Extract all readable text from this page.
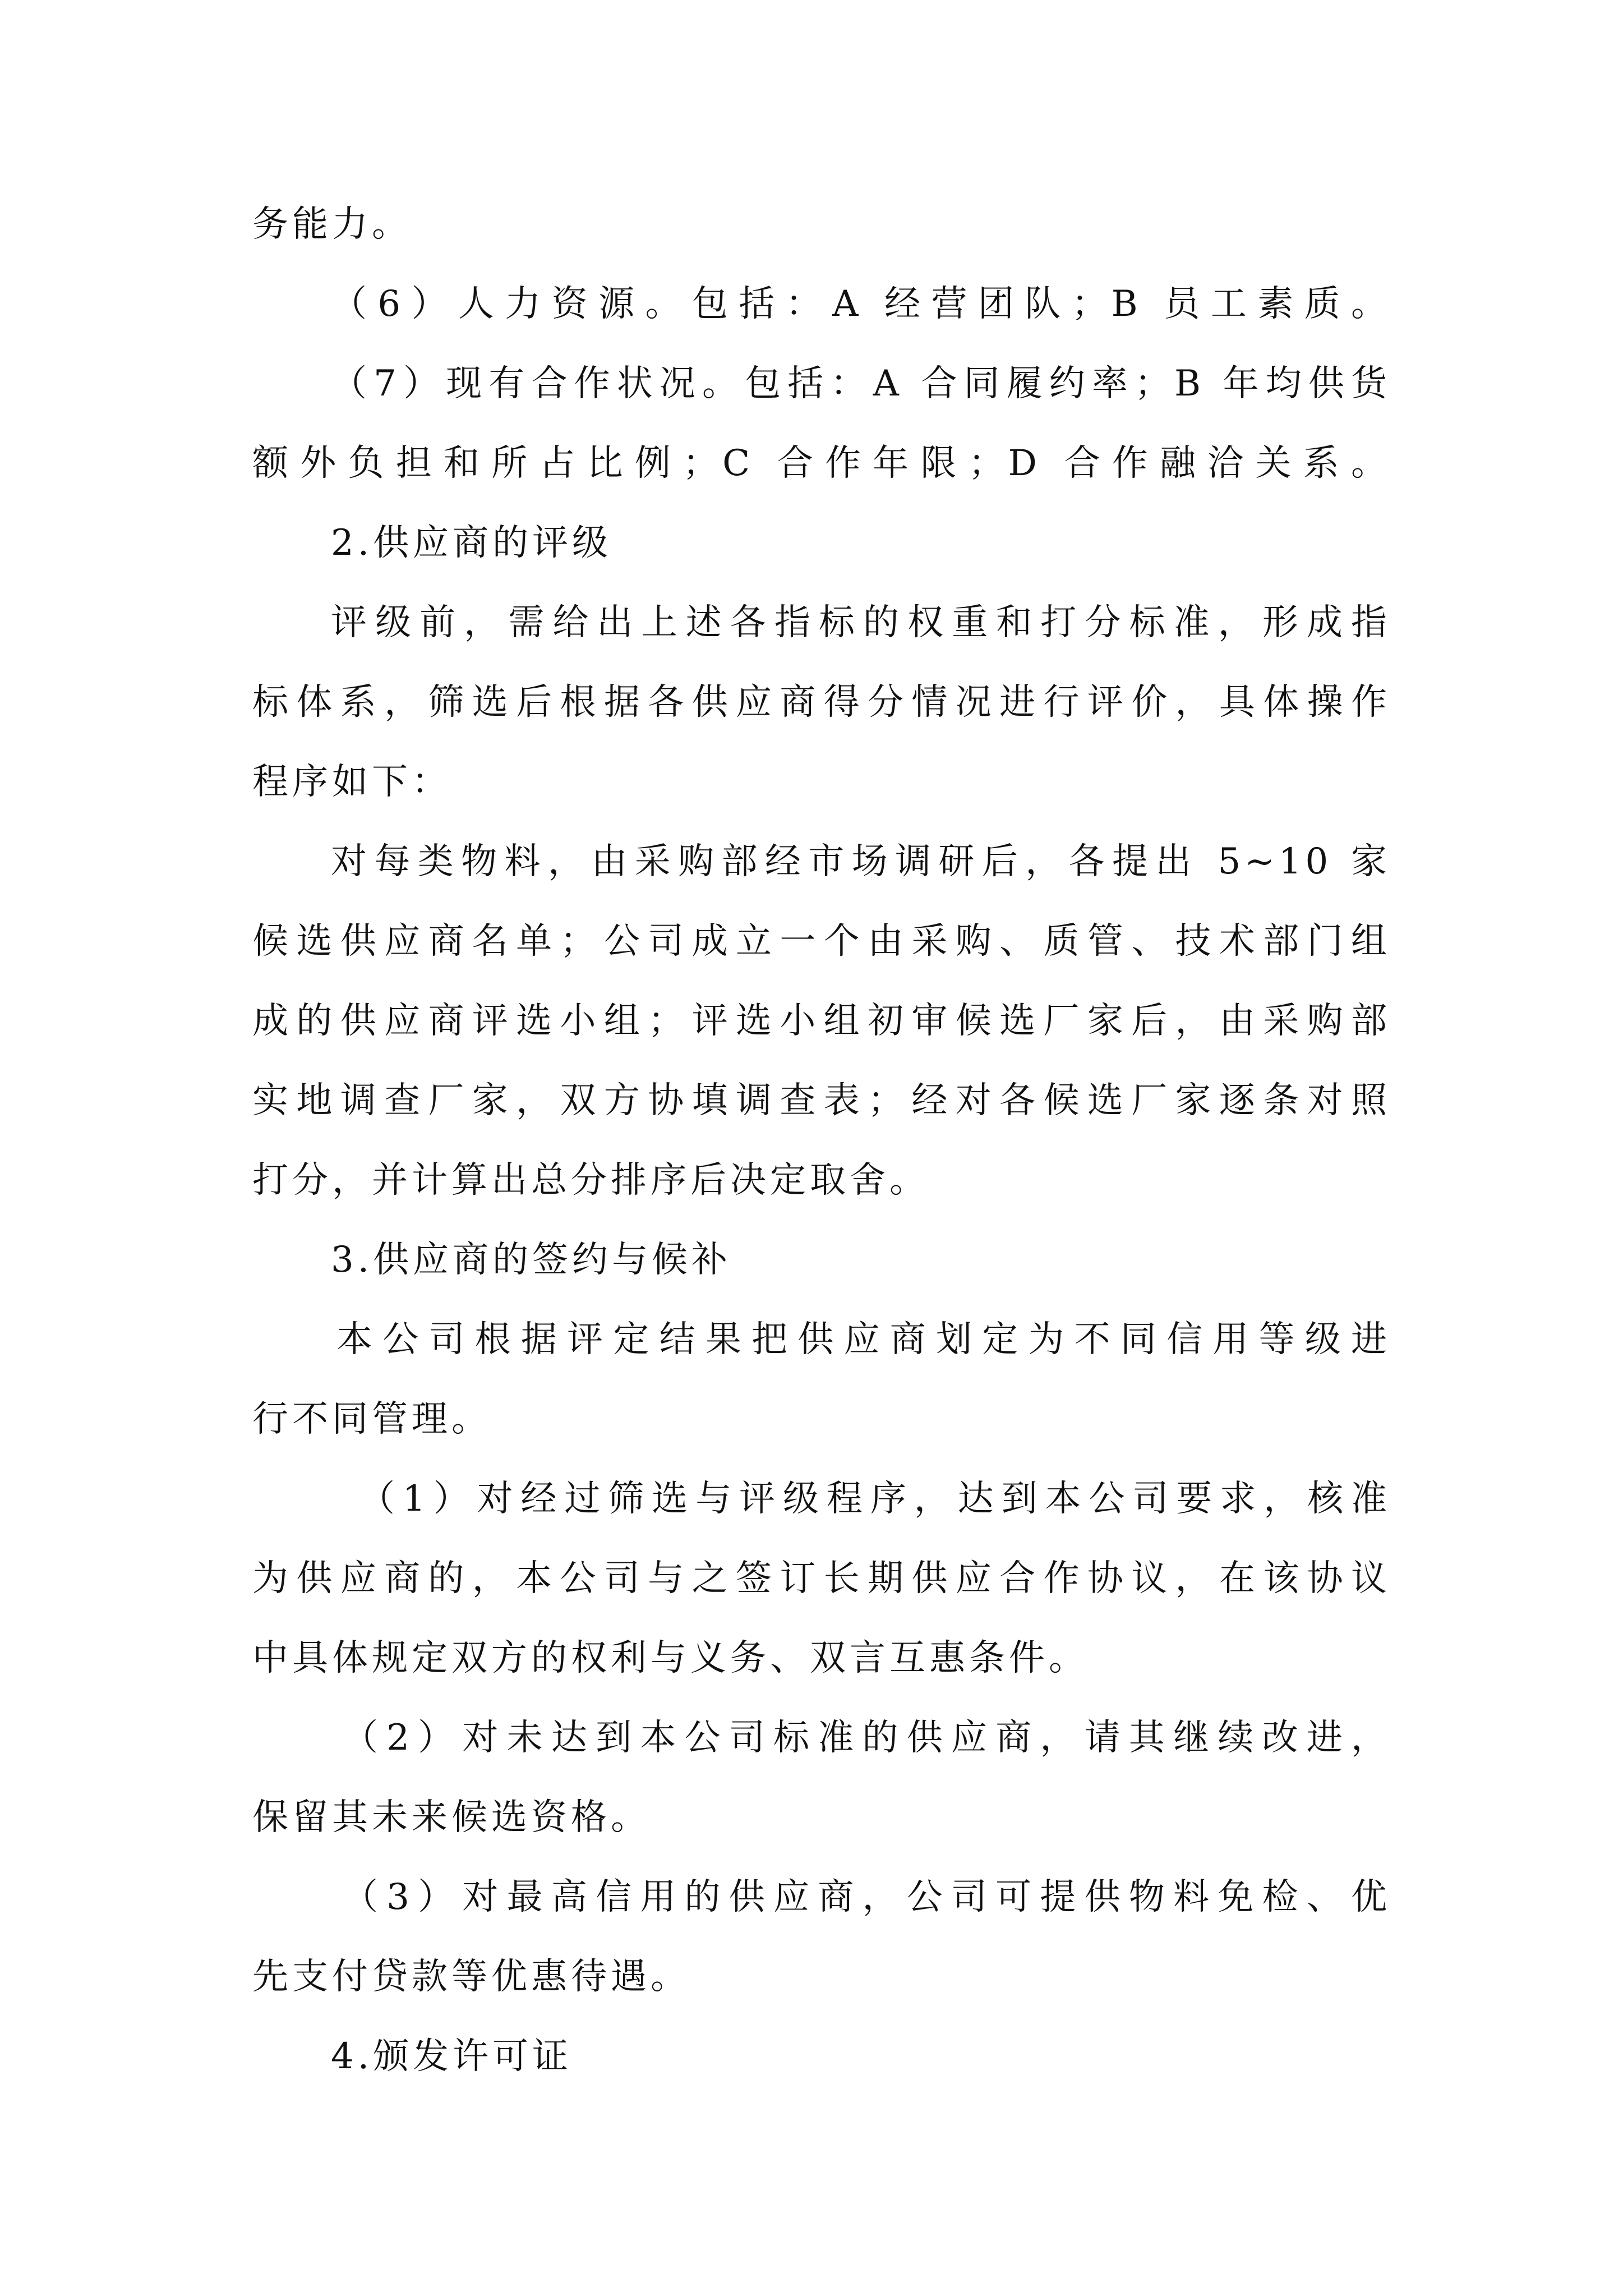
务能力。
（6）人力资源。包括：A 经营团队；B 员工素质。
（7）现有合作状况。包括：A 合同履约率；B 年均供货
额外负担和所占比例；C 合作年限；D 合作融洽关系。
2.供应商的评级
评级前，需给出上述各指标的权重和打分标准，形成指
标体系，筛选后根据各供应商得分情况进行评价，具体操作
程序如下：
对每类物料，由采购部经市场调研后，各提出 5~10 家
候选供应商名单；公司成立一个由采购、质管、技术部门组
成的供应商评选小组；评选小组初审候选厂家后，由采购部
实地调查厂家，双方协填调查表；经对各候选厂家逐条对照
打分，并计算出总分排序后决定取舍。
3.供应商的签约与候补
本公司根据评定结果把供应商划定为不同信用等级进
行不同管理。
（1）对经过筛选与评级程序，达到本公司要求，核准
为供应商的，本公司与之签订长期供应合作协议，在该协议
中具体规定双方的权利与义务、双言互惠条件。
（2）对未达到本公司标准的供应商，请其继续改进，
保留其未来候选资格。
（3）对最高信用的供应商，公司可提供物料免检、优
先支付贷款等优惠待遇。
4.颁发许可证
